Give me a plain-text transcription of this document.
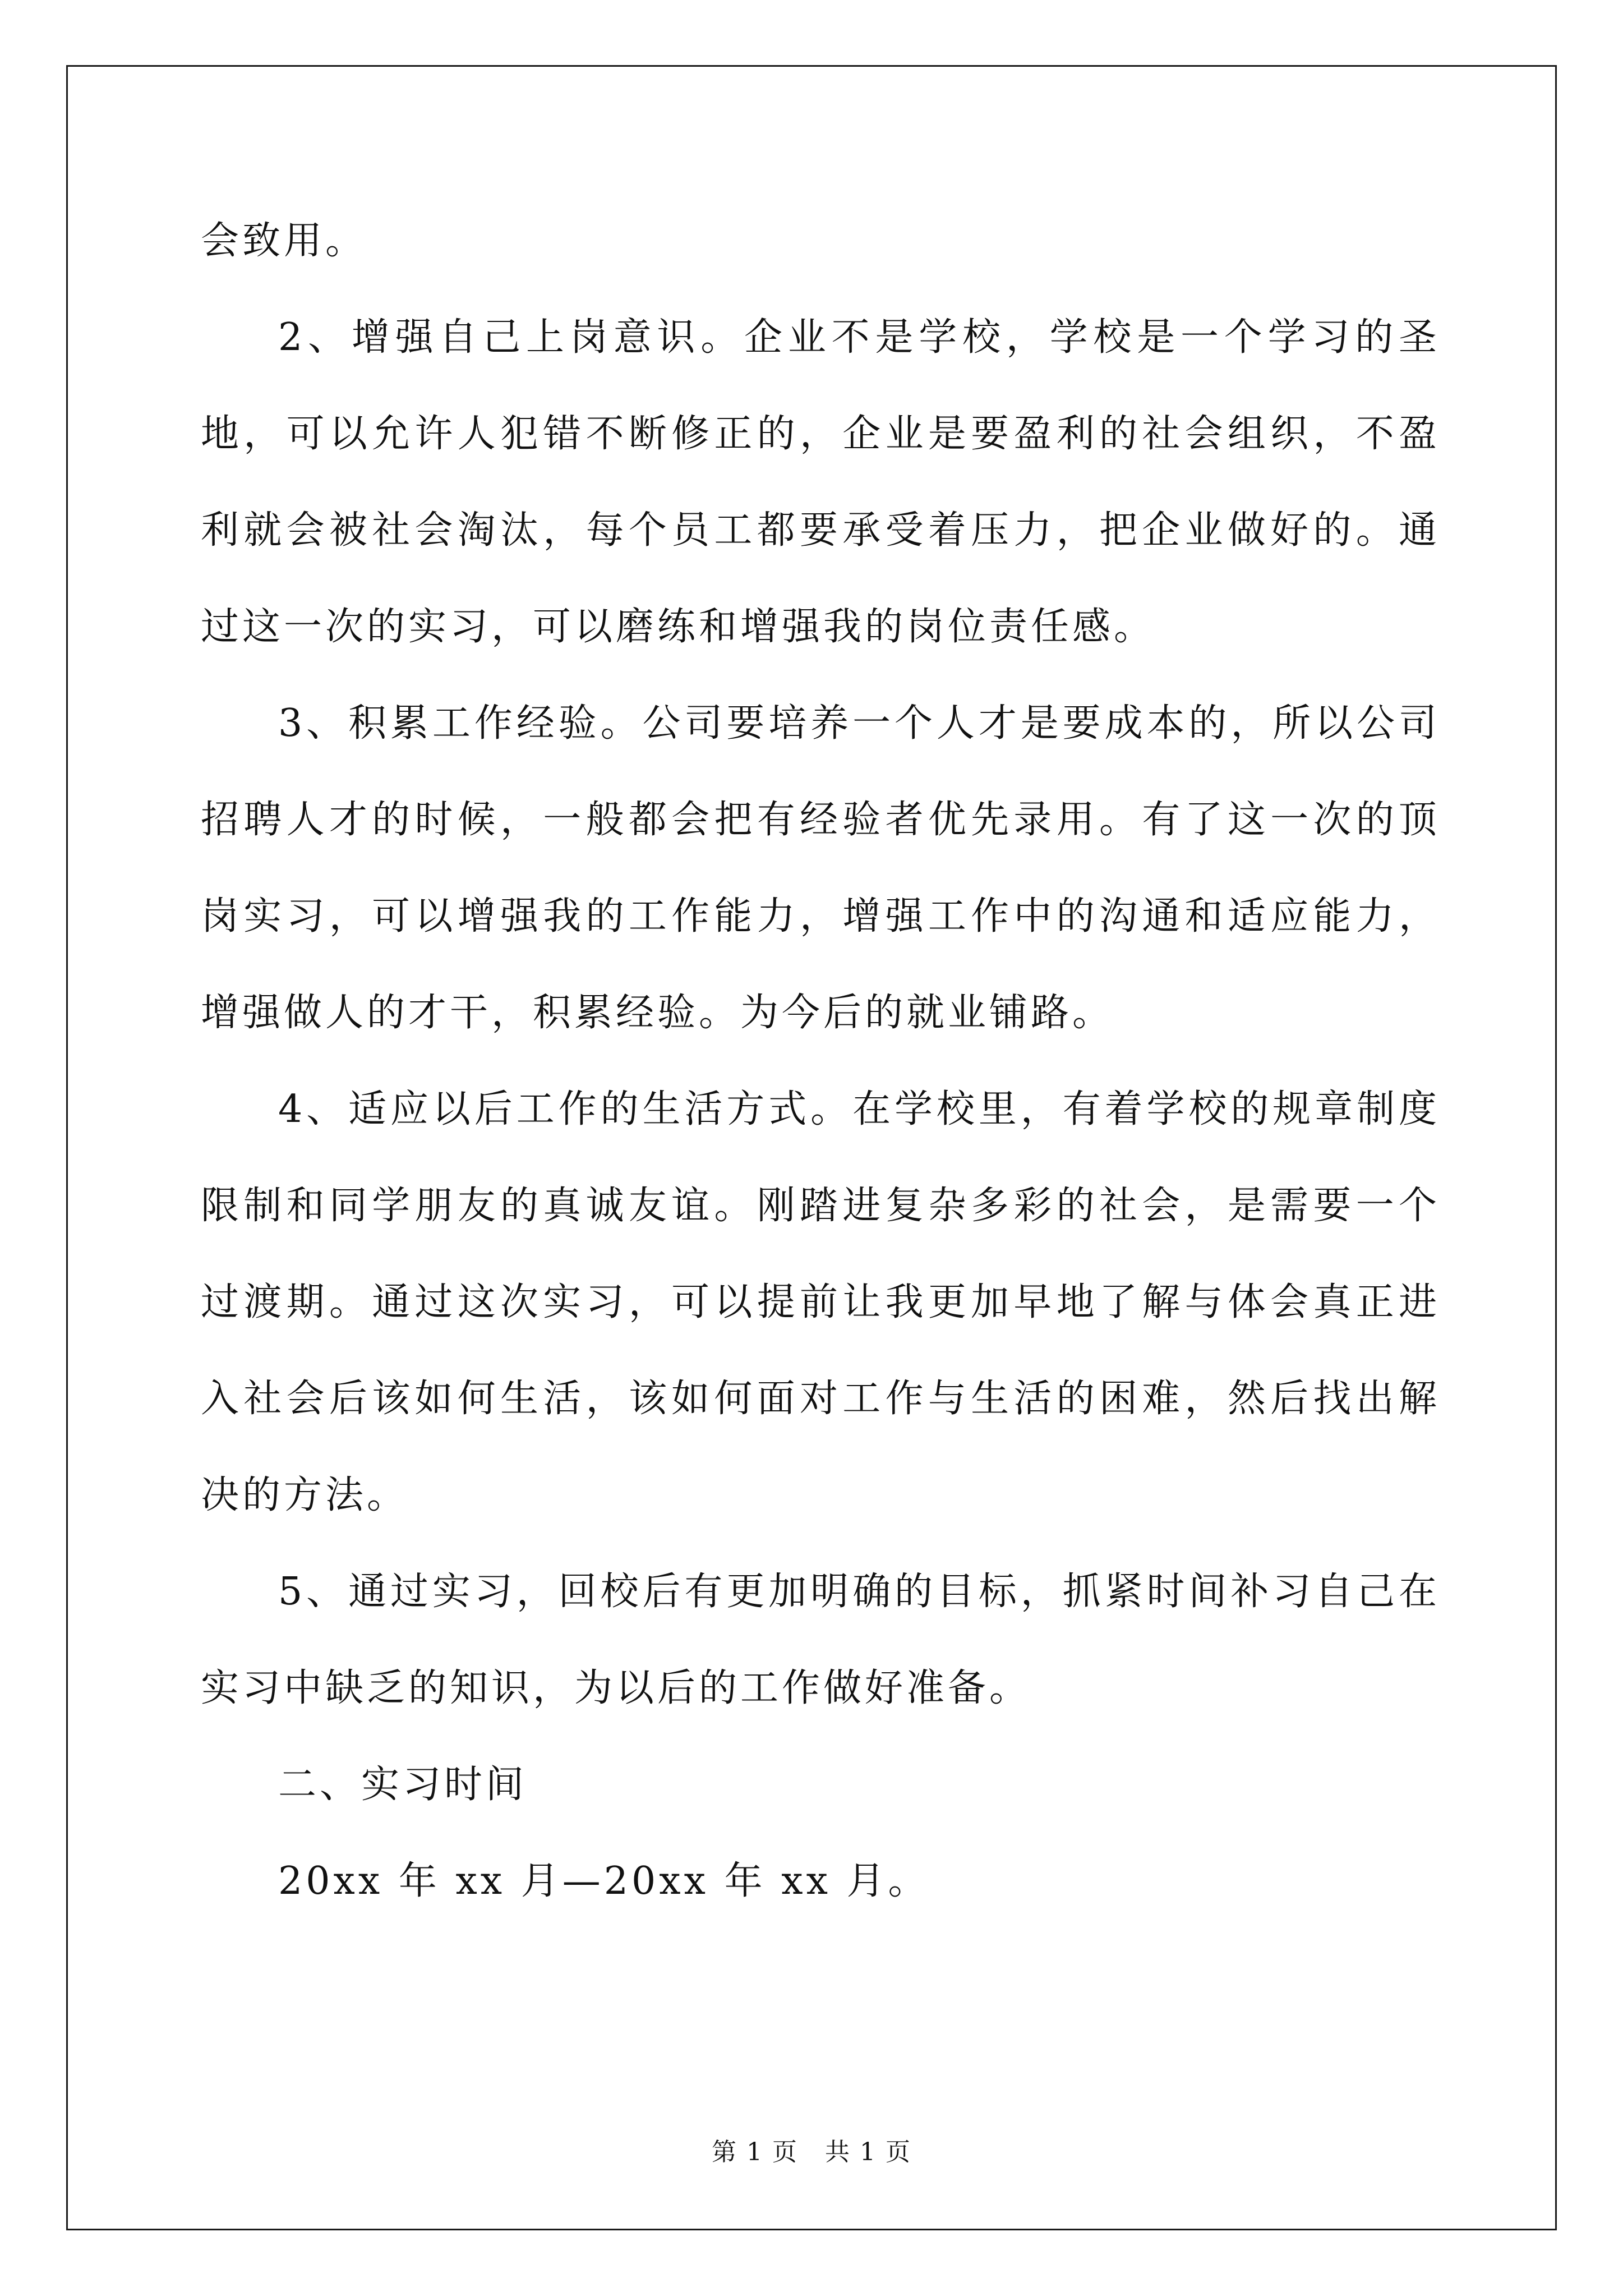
会致用。

2、增强自己上岗意识。企业不是学校，学校是一个学习的圣地，可以允许人犯错不断修正的，企业是要盈利的社会组织，不盈利就会被社会淘汰，每个员工都要承受着压力，把企业做好的。通过这一次的实习，可以磨练和增强我的岗位责任感。

3、积累工作经验。公司要培养一个人才是要成本的，所以公司招聘人才的时候，一般都会把有经验者优先录用。有了这一次的顶岗实习，可以增强我的工作能力，增强工作中的沟通和适应能力，增强做人的才干，积累经验。为今后的就业铺路。

4、适应以后工作的生活方式。在学校里，有着学校的规章制度限制和同学朋友的真诚友谊。刚踏进复杂多彩的社会，是需要一个过渡期。通过这次实习，可以提前让我更加早地了解与体会真正进入社会后该如何生活，该如何面对工作与生活的困难，然后找出解决的方法。

5、通过实习，回校后有更加明确的目标，抓紧时间补习自己在实习中缺乏的知识，为以后的工作做好准备。

二、实习时间

20xx 年 xx 月—20xx 年 xx 月。

第 1 页 共 1 页
